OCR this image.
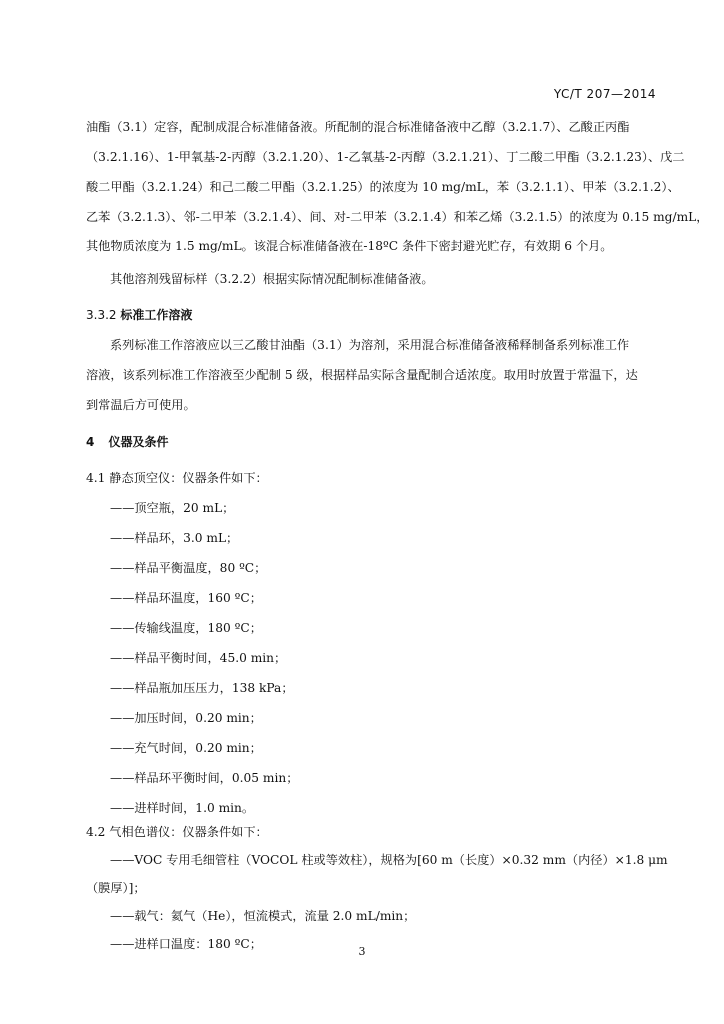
YC/T 207—2014
油酯（3.1）定容，配制成混合标准储备液。所配制的混合标准储备液中乙醇（3.2.1.7）、乙酸正丙酯
（3.2.1.16）、1-甲氧基-2-丙醇（3.2.1.20）、1-乙氧基-2-丙醇（3.2.1.21）、丁二酸二甲酯（3.2.1.23）、戊二
酸二甲酯（3.2.1.24）和己二酸二甲酯（3.2.1.25）的浓度为 10 mg/mL，苯（3.2.1.1）、甲苯（3.2.1.2）、
乙苯（3.2.1.3）、邻-二甲苯（3.2.1.4）、间、对-二甲苯（3.2.1.4）和苯乙烯（3.2.1.5）的浓度为 0.15 mg/mL，
其他物质浓度为 1.5 mg/mL。该混合标准储备液在-18ºC 条件下密封避光贮存，有效期 6 个月。
其他溶剂残留标样（3.2.2）根据实际情况配制标准储备液。
3.3.2 标准工作溶液
系列标准工作溶液应以三乙酸甘油酯（3.1）为溶剂，采用混合标准储备液稀释制备系列标准工作
溶液，该系列标准工作溶液至少配制 5 级，根据样品实际含量配制合适浓度。取用时放置于常温下，达
到常温后方可使用。
4 仪器及条件
4.1 静态顶空仪：仪器条件如下：
——顶空瓶，20 mL；
——样品环，3.0 mL；
——样品平衡温度，80 ºC；
——样品环温度，160 ºC；
——传输线温度，180 ºC；
——样品平衡时间，45.0 min；
——样品瓶加压压力，138 kPa；
——加压时间，0.20 min；
——充气时间，0.20 min；
——样品环平衡时间，0.05 min；
——进样时间，1.0 min。
4.2 气相色谱仪：仪器条件如下：
——VOC 专用毛细管柱（VOCOL 柱或等效柱），规格为[60 m（长度）×0.32 mm（内径）×1.8 μm
（膜厚）]；
——载气：氦气（He），恒流模式，流量 2.0 mL/min；
——进样口温度：180 ºC；
3
